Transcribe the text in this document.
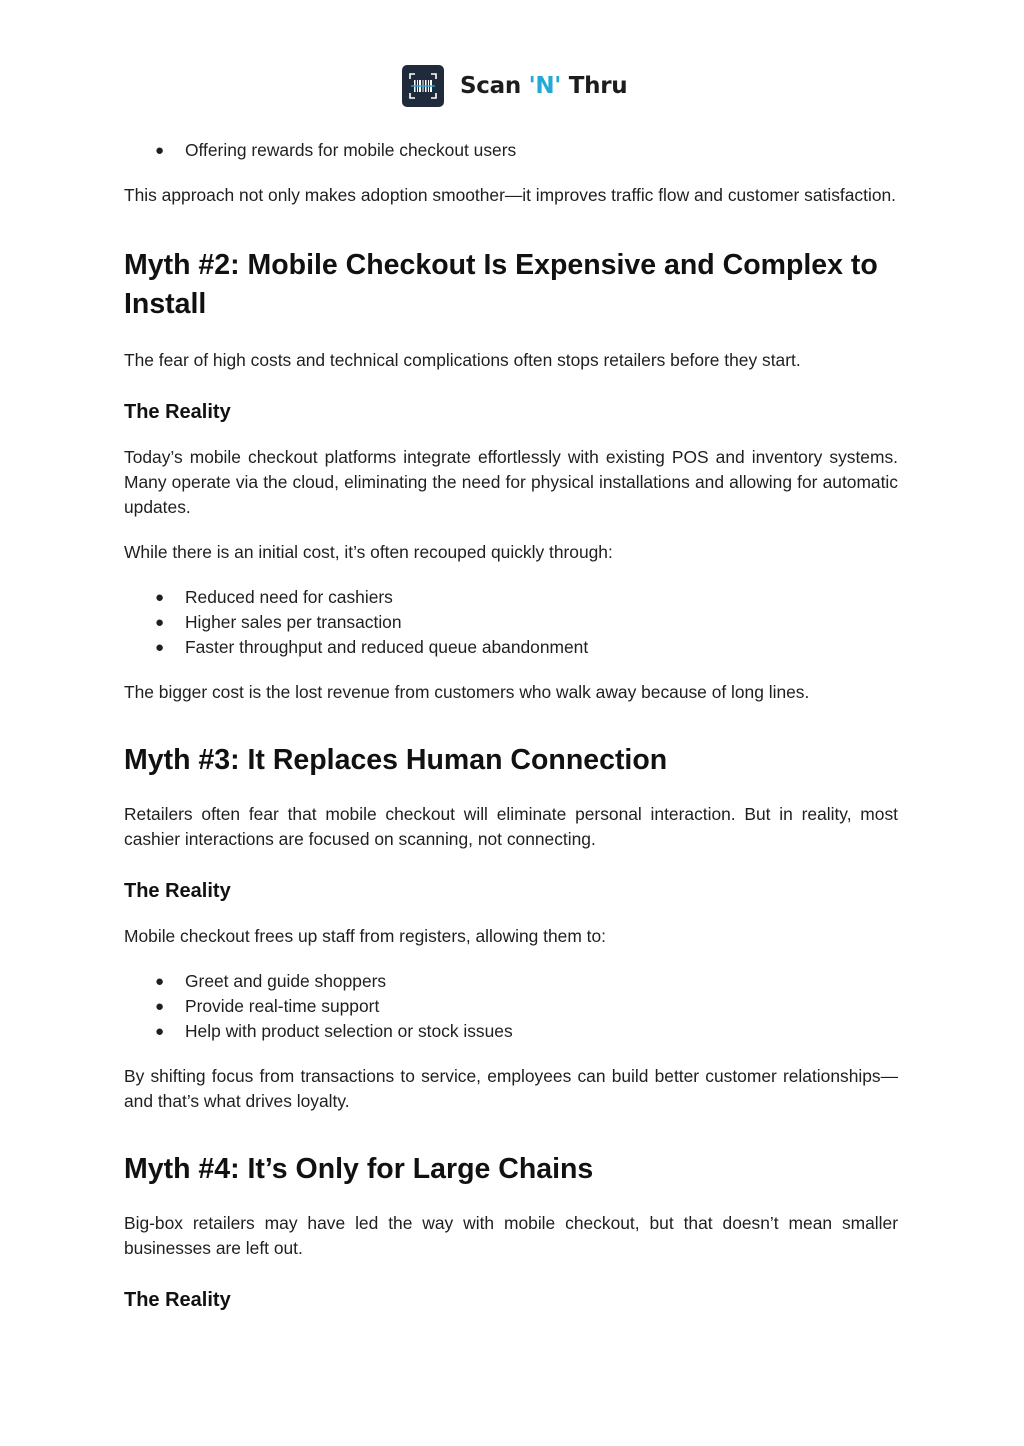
Scan 'N' Thru
● Offering rewards for mobile checkout users

This approach not only makes adoption smoother—it improves traffic flow and customer satisfaction.

Myth #2: Mobile Checkout Is Expensive and Complex to Install

The fear of high costs and technical complications often stops retailers before they start.

The Reality

Today’s mobile checkout platforms integrate effortlessly with existing POS and inventory systems. Many operate via the cloud, eliminating the need for physical installations and allowing for automatic updates.

While there is an initial cost, it’s often recouped quickly through:

● Reduced need for cashiers
● Higher sales per transaction
● Faster throughput and reduced queue abandonment

The bigger cost is the lost revenue from customers who walk away because of long lines.

Myth #3: It Replaces Human Connection

Retailers often fear that mobile checkout will eliminate personal interaction. But in reality, most cashier interactions are focused on scanning, not connecting.

The Reality

Mobile checkout frees up staff from registers, allowing them to:

● Greet and guide shoppers
● Provide real-time support
● Help with product selection or stock issues

By shifting focus from transactions to service, employees can build better customer relationships—and that’s what drives loyalty.

Myth #4: It’s Only for Large Chains

Big-box retailers may have led the way with mobile checkout, but that doesn’t mean smaller businesses are left out.

The Reality
